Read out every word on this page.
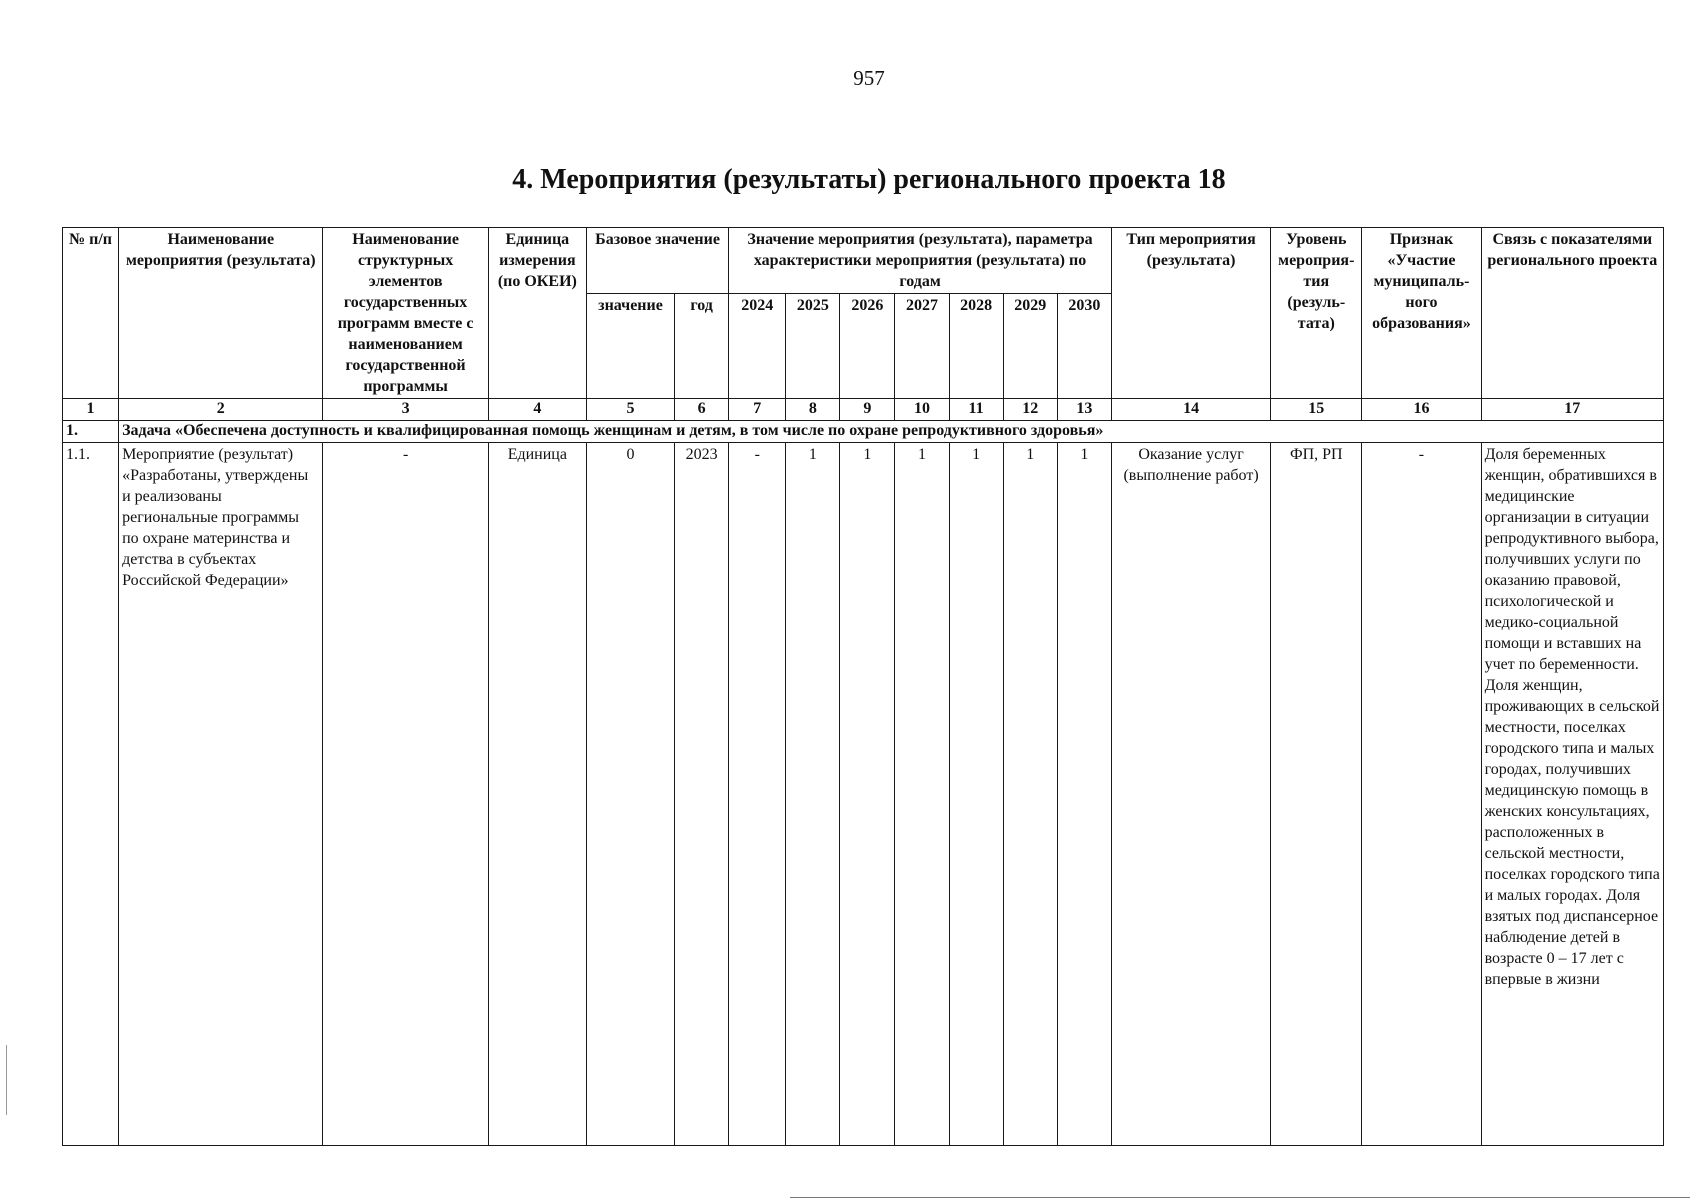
957
4. Мероприятия (результаты) регионального проекта 18
№ п/п	Наименование мероприятия (результата)	Наименование структурных элементов государственных программ вместе с наименованием государственной программы	Единица измерения (по ОКЕИ)	Базовое значение		Значение мероприятия (результата), параметра характеристики мероприятия (результата) по годам							Тип мероприятия (результата)	Уровень мероприя-тия (резуль-тата)	Признак «Участие муниципаль-ного образования»	Связь с показателями регионального проекта
				значение	год	2024	2025	2026	2027	2028	2029	2030				
1	2	3	4	5	6	7	8	9	10	11	12	13	14	15	16	17
1.	Задача «Обеспечена доступность и квалифицированная помощь женщинам и детям, в том числе по охране репродуктивного здоровья»															
1.1.	Мероприятие (результат) «Разработаны, утверждены и реализованы региональные программы по охране материнства и детства в субъектах Российской Федерации»	-	Единица	0	2023	-	1	1	1	1	1	1	Оказание услуг (выполнение работ)	ФП, РП	-	Доля беременных женщин, обратившихся в медицинские организации в ситуации репродуктивного выбора, получивших услуги по оказанию правовой, психологической и медико-социальной помощи и вставших на учет по беременности. Доля женщин, проживающих в сельской местности, поселках городского типа и малых городах, получивших медицинскую помощь в женских консультациях, расположенных в сельской местности, поселках городского типа и малых городах. Доля взятых под диспансерное наблюдение детей в возрасте 0 – 17 лет с впервые в жизни
